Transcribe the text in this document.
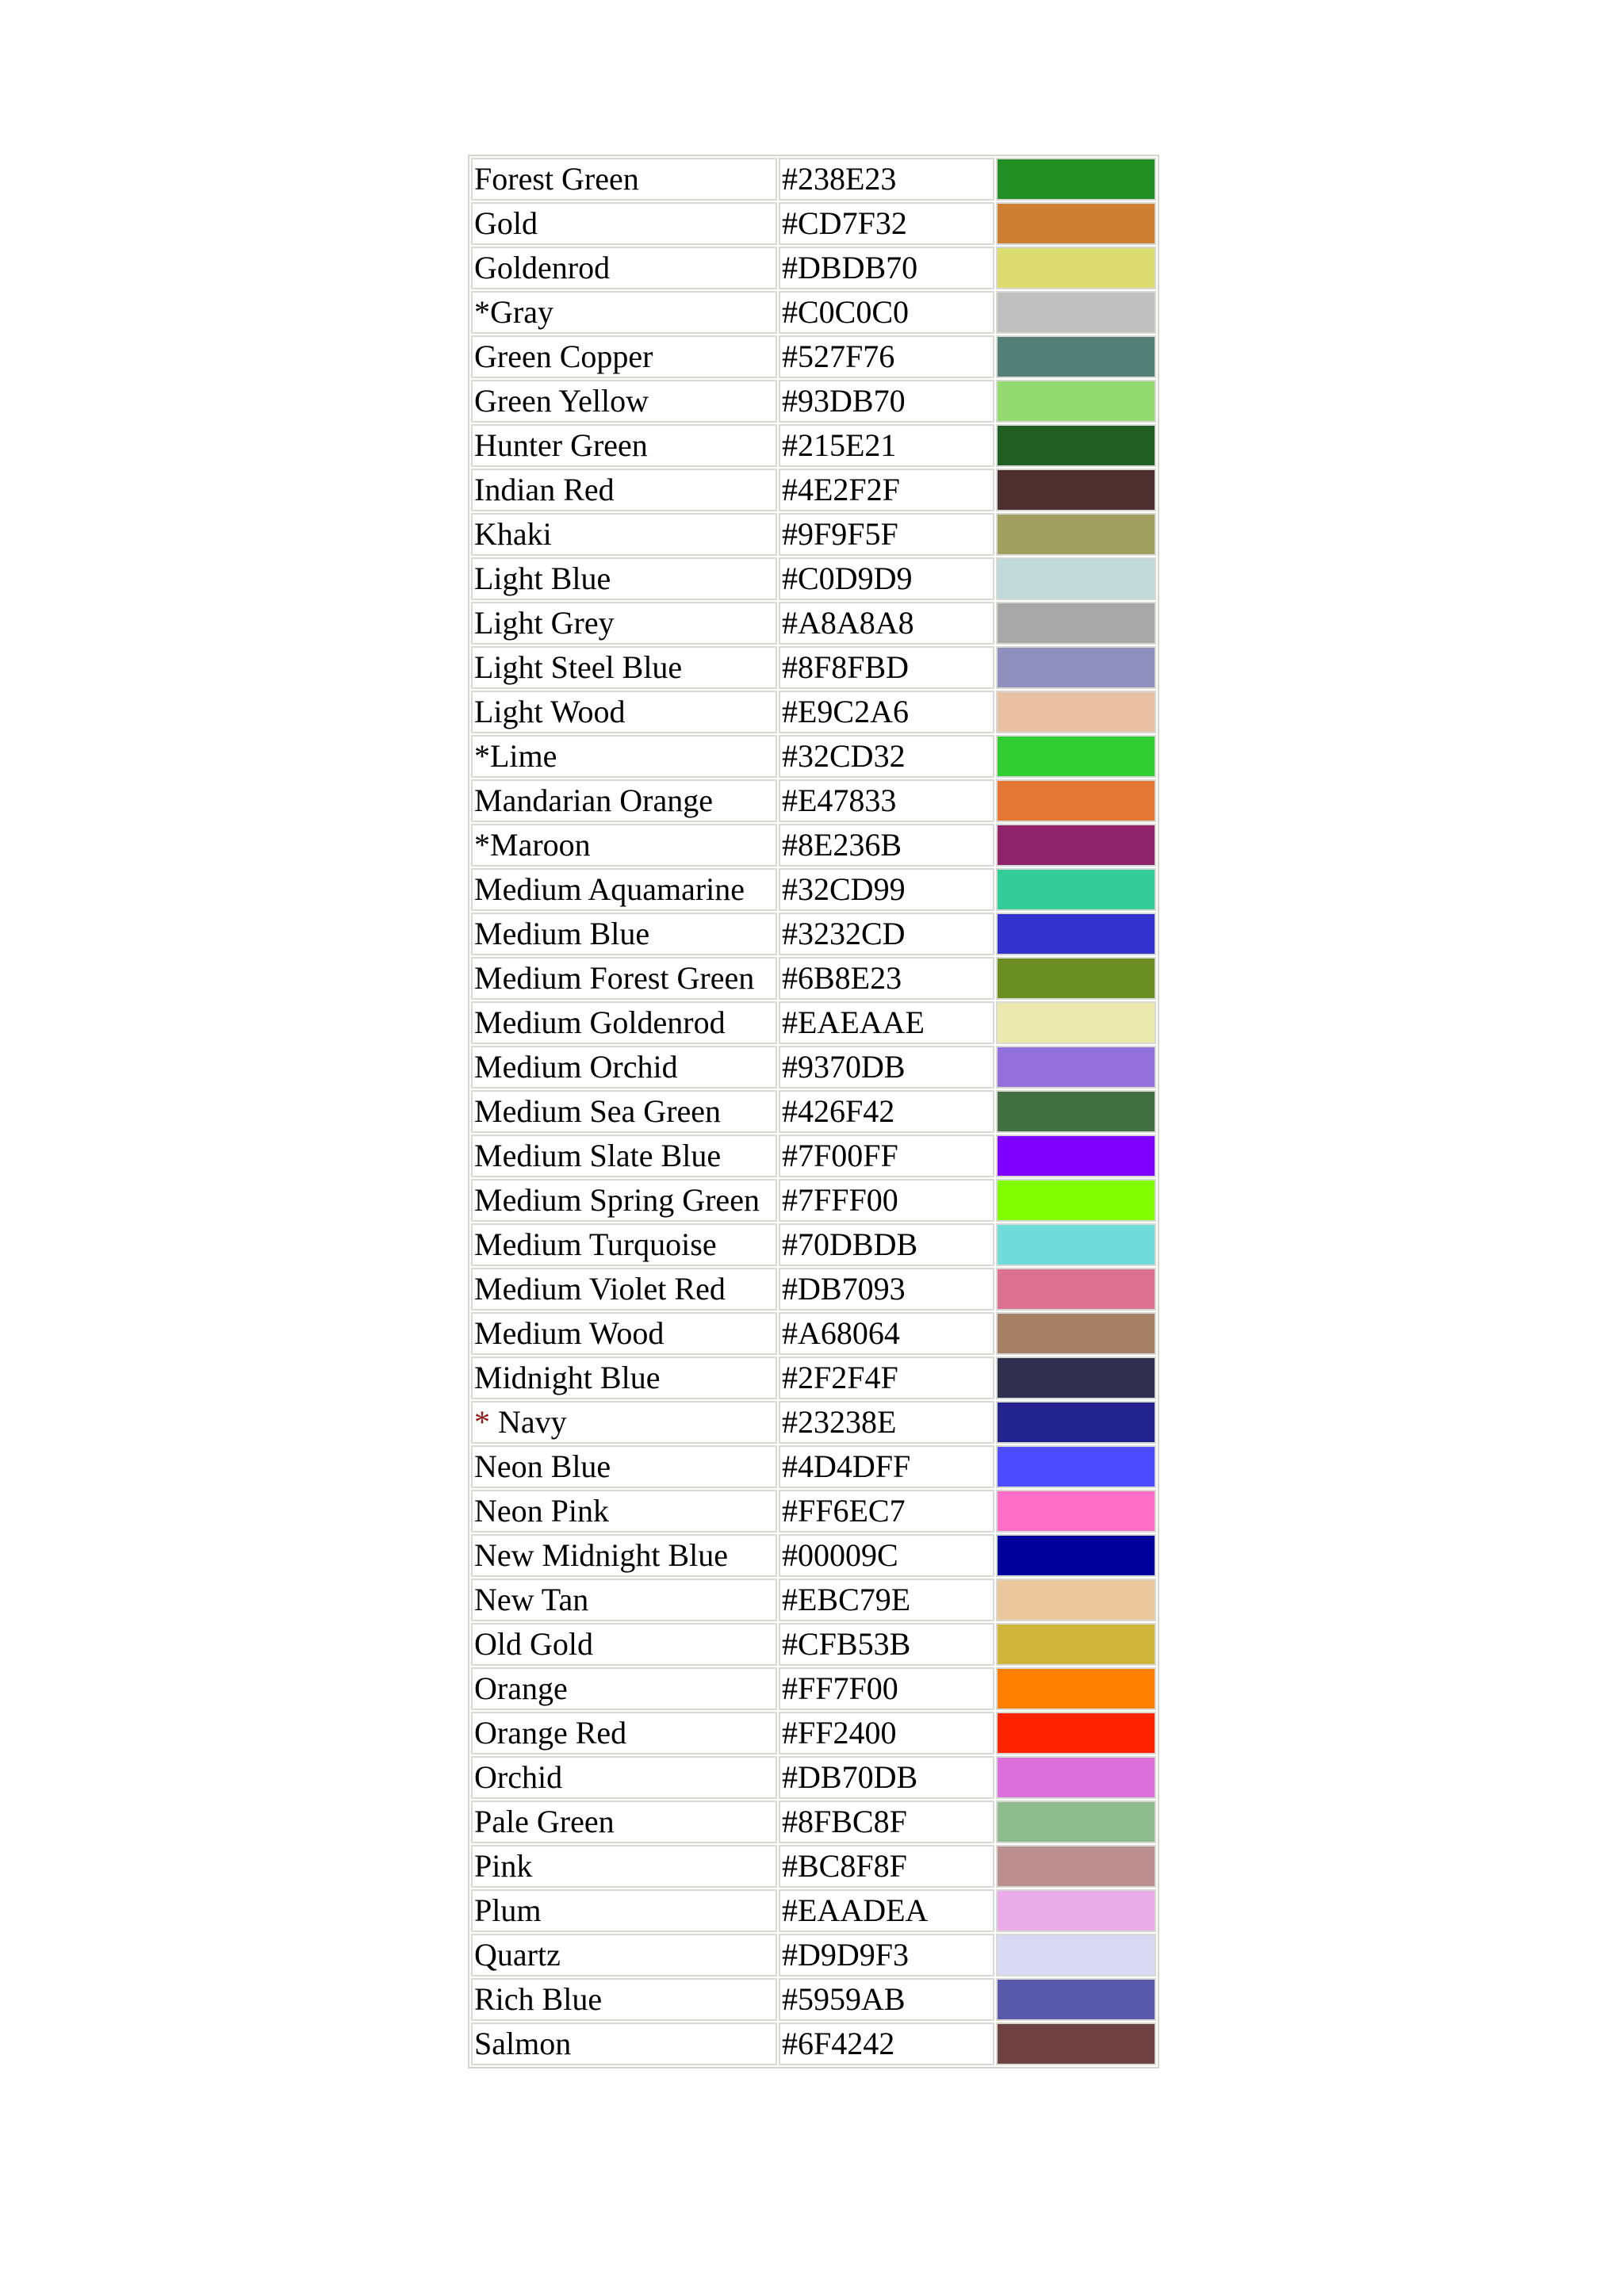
Forest Green	#238E23	

Gold	#CD7F32	

Goldenrod	#DBDB70	

*Gray	#C0C0C0	

Green Copper	#527F76	

Green Yellow	#93DB70	

Hunter Green	#215E21	

Indian Red	#4E2F2F	

Khaki	#9F9F5F	

Light Blue	#C0D9D9	

Light Grey	#A8A8A8	

Light Steel Blue	#8F8FBD	

Light Wood	#E9C2A6	

*Lime	#32CD32	

Mandarian Orange	#E47833	

*Maroon	#8E236B	

Medium Aquamarine	#32CD99	

Medium Blue	#3232CD	

Medium Forest Green	#6B8E23	

Medium Goldenrod	#EAEAAE	

Medium Orchid	#9370DB	

Medium Sea Green	#426F42	

Medium Slate Blue	#7F00FF	

Medium Spring Green	#7FFF00	

Medium Turquoise	#70DBDB	

Medium Violet Red	#DB7093	

Medium Wood	#A68064	

Midnight Blue	#2F2F4F	

* Navy	#23238E	

Neon Blue	#4D4DFF	

Neon Pink	#FF6EC7	

New Midnight Blue	#00009C	

New Tan	#EBC79E	

Old Gold	#CFB53B	

Orange	#FF7F00	

Orange Red	#FF2400	

Orchid	#DB70DB	

Pale Green	#8FBC8F	

Pink	#BC8F8F	

Plum	#EAADEA	

Quartz	#D9D9F3	

Rich Blue	#5959AB	

Salmon	#6F4242	
